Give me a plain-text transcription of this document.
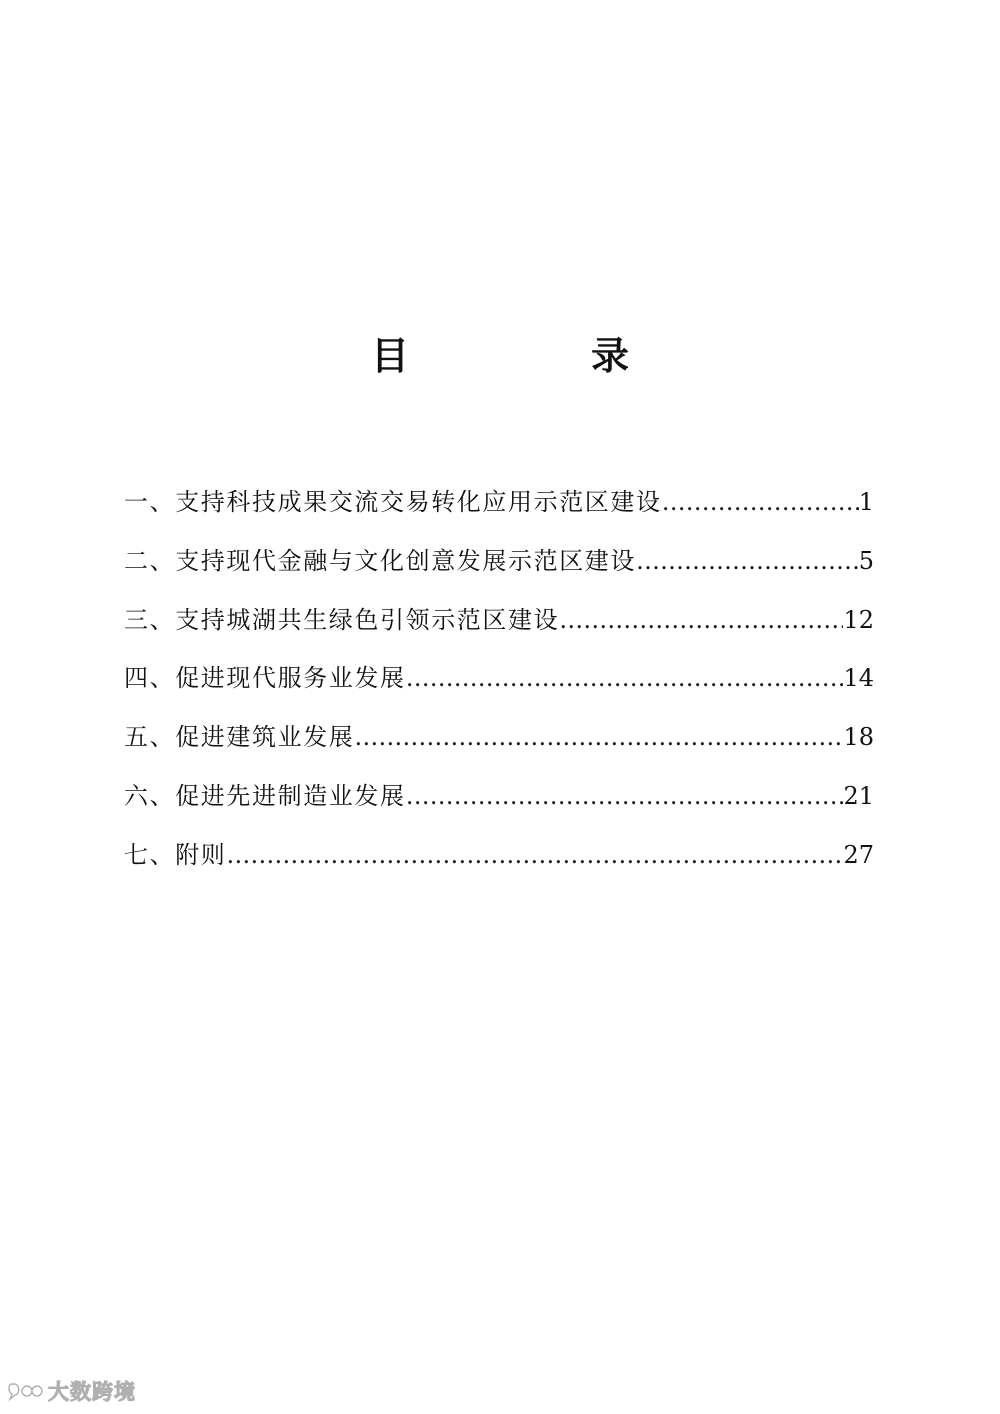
目　录
一、支持科技成果交流交易转化应用示范区建设 …………………………………………………………………………………………………………………………	1
二、支持现代金融与文化创意发展示范区建设 …………………………………………………………………………………………………………………………	5
三、支持城湖共生绿色引领示范区建设 …………………………………………………………………………………………………………………………	12
四、促进现代服务业发展 …………………………………………………………………………………………………………………………	14
五、促进建筑业发展 …………………………………………………………………………………………………………………………	18
六、促进先进制造业发展 …………………………………………………………………………………………………………………………	21
七、附则 …………………………………………………………………………………………………………………………	27
大数跨境
